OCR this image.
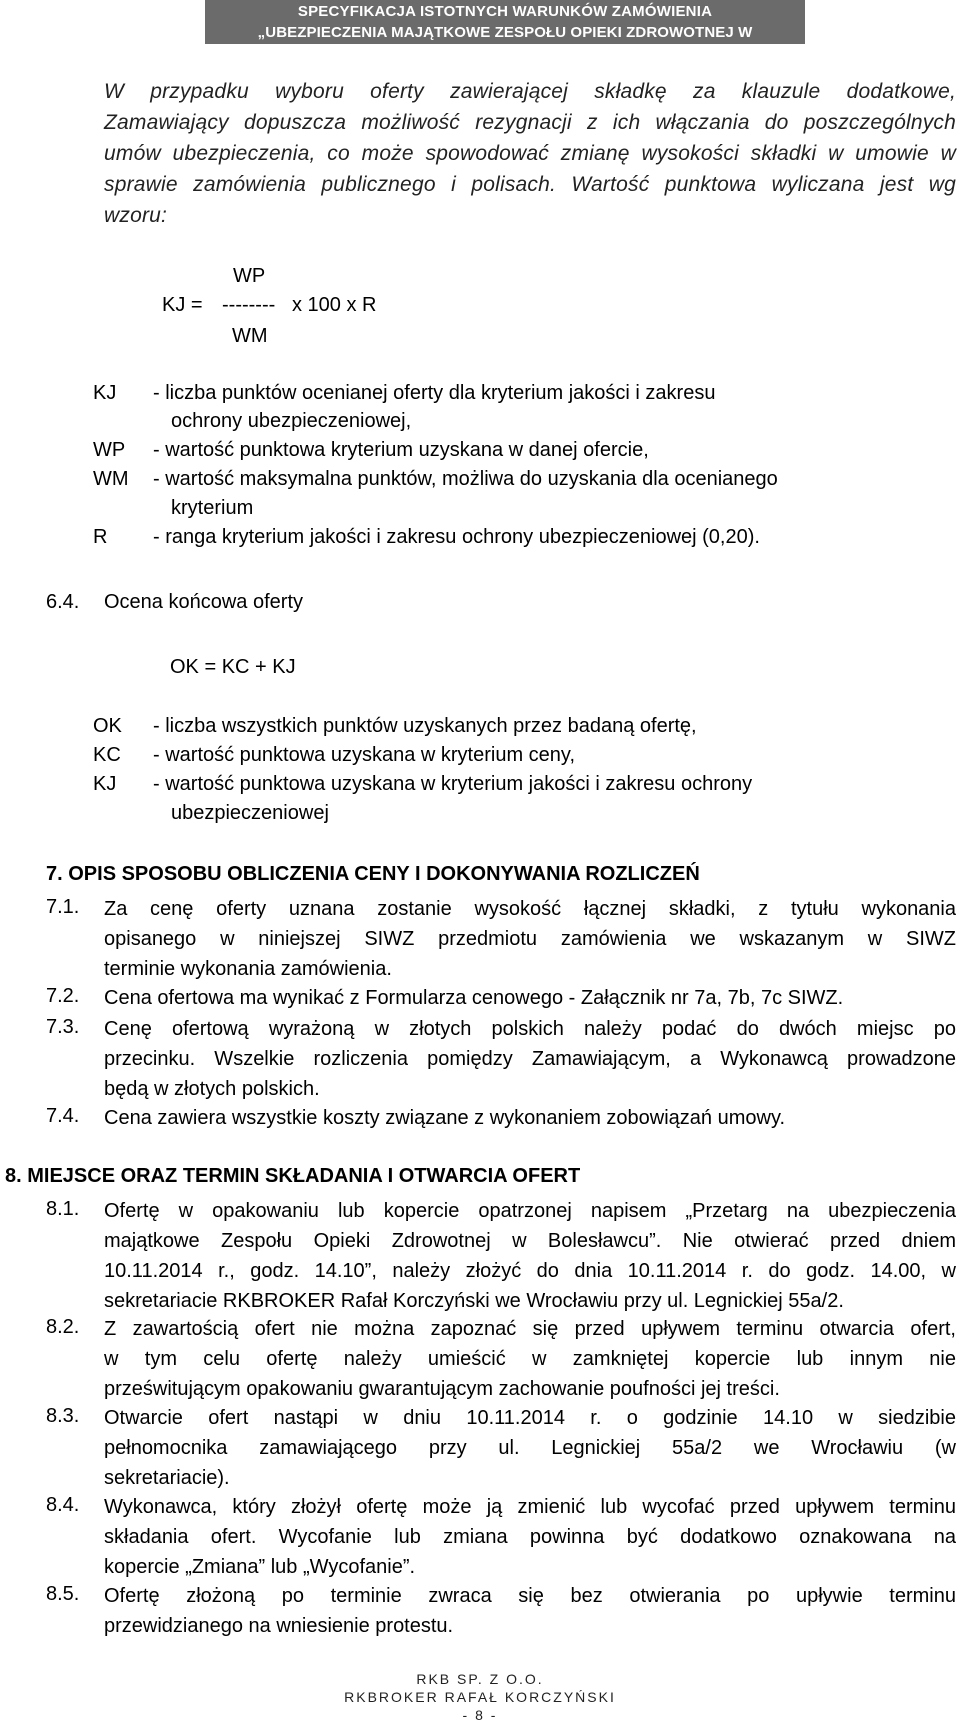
SPECYFIKACJA ISTOTNYCH WARUNKÓW ZAMÓWIENIA
„UBEZPIECZENIA MAJĄTKOWE ZESPOŁU OPIEKI ZDROWOTNEJ W BOLESŁAWCU”
W przypadku wyboru oferty zawierającej składkę za klauzule dodatkowe,
Zamawiający dopuszcza możliwość rezygnacji z ich włączania do poszczególnych
umów ubezpieczenia, co może spowodować zmianę wysokości składki w umowie w
sprawie zamówienia publicznego i polisach. Wartość punktowa wyliczana jest wg
wzoru:
WP
KJ = -------- x 100 x R
WM
KJ - liczba punktów ocenianej oferty dla kryterium jakości i zakresu
ochrony ubezpieczeniowej,
WP - wartość punktowa kryterium uzyskana w danej ofercie,
WM - wartość maksymalna punktów, możliwa do uzyskania dla ocenianego
kryterium
R - ranga kryterium jakości i zakresu ochrony ubezpieczeniowej (0,20).
6.4. Ocena końcowa oferty
OK = KC + KJ
OK - liczba wszystkich punktów uzyskanych przez badaną ofertę,
KC - wartość punktowa uzyskana w kryterium ceny,
KJ - wartość punktowa uzyskana w kryterium jakości i zakresu ochrony
ubezpieczeniowej
7. OPIS SPOSOBU OBLICZENIA CENY I DOKONYWANIA ROZLICZEŃ
7.1. Za cenę oferty uznana zostanie wysokość łącznej składki, z tytułu wykonania
opisanego w niniejszej SIWZ przedmiotu zamówienia we wskazanym w SIWZ
terminie wykonania zamówienia.
7.2. Cena ofertowa ma wynikać z Formularza cenowego - Załącznik nr 7a, 7b, 7c SIWZ.
7.3. Cenę ofertową wyrażoną w złotych polskich należy podać do dwóch miejsc po
przecinku. Wszelkie rozliczenia pomiędzy Zamawiającym, a Wykonawcą prowadzone
będą w złotych polskich.
7.4. Cena zawiera wszystkie koszty związane z wykonaniem zobowiązań umowy.
8. MIEJSCE ORAZ TERMIN SKŁADANIA I OTWARCIA OFERT
8.1. Ofertę w opakowaniu lub kopercie opatrzonej napisem „Przetarg na ubezpieczenia
majątkowe Zespołu Opieki Zdrowotnej w Bolesławcu”. Nie otwierać przed dniem
10.11.2014 r., godz. 14.10”, należy złożyć do dnia 10.11.2014 r. do godz. 14.00, w
sekretariacie RKBROKER Rafał Korczyński we Wrocławiu przy ul. Legnickiej 55a/2.
8.2. Z zawartością ofert nie można zapoznać się przed upływem terminu otwarcia ofert,
w tym celu ofertę należy umieścić w zamkniętej kopercie lub innym nie
prześwitującym opakowaniu gwarantującym zachowanie poufności jej treści.
8.3. Otwarcie ofert nastąpi w dniu 10.11.2014 r. o godzinie 14.10 w siedzibie
pełnomocnika zamawiającego przy ul. Legnickiej 55a/2 we Wrocławiu (w
sekretariacie).
8.4. Wykonawca, który złożył ofertę może ją zmienić lub wycofać przed upływem terminu
składania ofert. Wycofanie lub zmiana powinna być dodatkowo oznakowana na
kopercie „Zmiana” lub „Wycofanie”.
8.5. Ofertę złożoną po terminie zwraca się bez otwierania po upływie terminu
przewidzianego na wniesienie protestu.
RKB SP. Z O.O.
RKBROKER RAFAŁ KORCZYŃSKI
- 8 -
